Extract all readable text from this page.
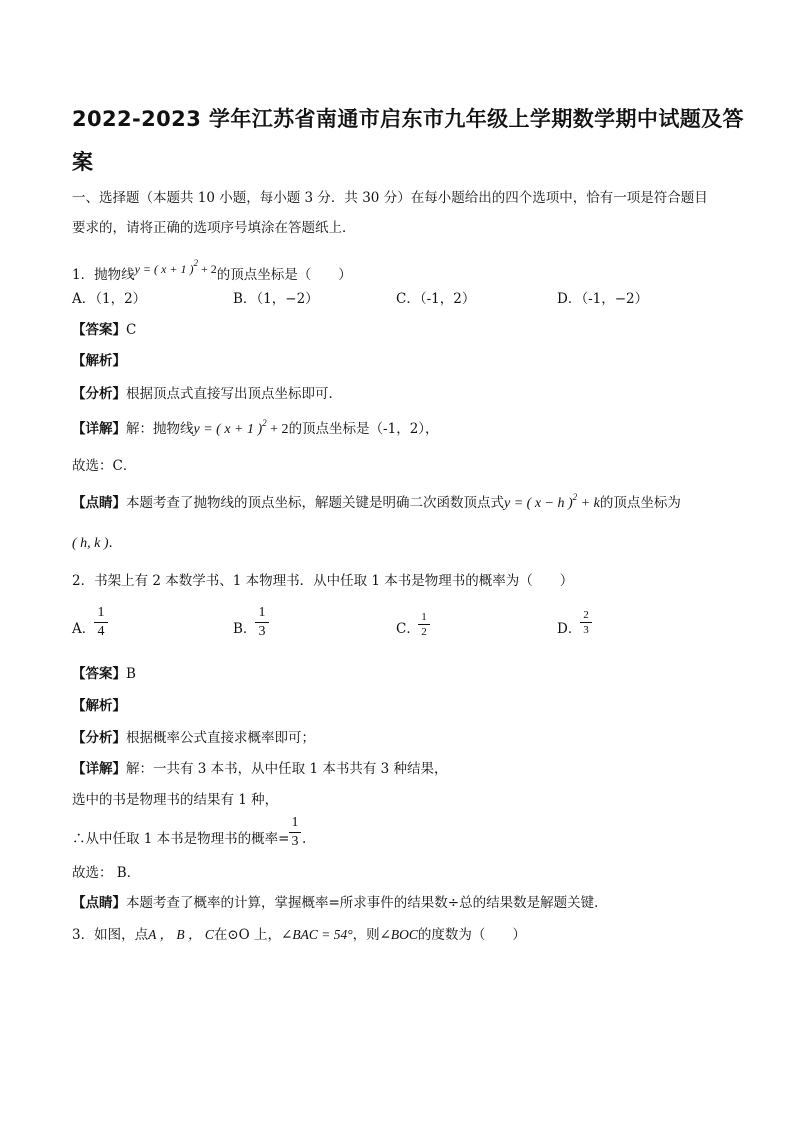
2022-2023 学年江苏省南通市启东市九年级上学期数学期中试题及答
案
一、选择题（本题共 10 小题，每小题 3 分．共 30 分）在每小题给出的四个选项中，恰有一项是符合题目
要求的，请将正确的选项序号填涂在答题纸上．
1．抛物线y = ( x + 1 )$^2$ + 2的顶点坐标是（　　）
A．（1，2）	B．（1，−2）	C．（-1，2）	D．（-1，−2）
【答案】C
【解析】
【分析】根据顶点式直接写出顶点坐标即可．
【详解】解：抛物线y = ( x + 1 )$^2$ + 2的顶点坐标是（-1，2），
故选：C．
【点睛】本题考查了抛物线的顶点坐标，解题关键是明确二次函数顶点式y = ( x − h )$^2$ + k的顶点坐标为
( h, k )．
2．书架上有 2 本数学书、1 本物理书．从中任取 1 本书是物理书的概率为（　　）
A．
1
4	B．
1
3	C．
1
2	D．
2
3
【答案】B
【解析】
【分析】根据概率公式直接求概率即可；
【详解】解：一共有 3 本书，从中任取 1 本书共有 3 种结果，
选中的书是物理书的结果有 1 种，
∴从中任取 1 本书是物理书的概率=
1
3 .
故选： B．
【点睛】本题考查了概率的计算，掌握概率=所求事件的结果数÷总的结果数是解题关键．
3．如图，点A ， B ， C在⊙O 上，∠BAC = 54°，则∠BOC的度数为（　　）
